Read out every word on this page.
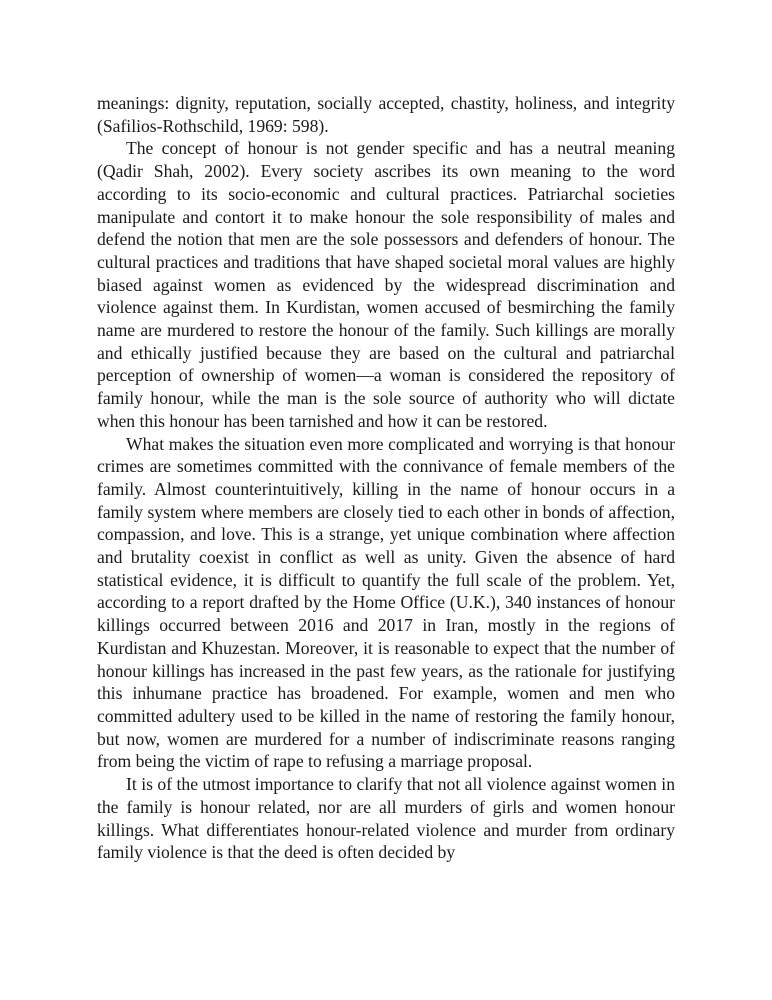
meanings: dignity, reputation, socially accepted, chastity, holiness, and integrity (Safilios-Rothschild, 1969: 598).

The concept of honour is not gender specific and has a neutral meaning (Qadir Shah, 2002). Every society ascribes its own meaning to the word according to its socio-economic and cultural practices. Patriarchal societies manipulate and contort it to make honour the sole responsibility of males and defend the notion that men are the sole possessors and defenders of honour. The cultural practices and traditions that have shaped societal moral values are highly biased against women as evidenced by the widespread discrimination and violence against them. In Kurdistan, women accused of besmirching the family name are murdered to restore the honour of the family. Such killings are morally and ethically justified because they are based on the cultural and patriarchal perception of ownership of women—a woman is considered the repository of family honour, while the man is the sole source of authority who will dictate when this honour has been tarnished and how it can be restored.

What makes the situation even more complicated and worrying is that honour crimes are sometimes committed with the connivance of female members of the family. Almost counterintuitively, killing in the name of honour occurs in a family system where members are closely tied to each other in bonds of affection, compassion, and love. This is a strange, yet unique combination where affection and brutality coexist in conflict as well as unity. Given the absence of hard statistical evidence, it is difficult to quantify the full scale of the problem. Yet, according to a report drafted by the Home Office (U.K.), 340 instances of honour killings occurred between 2016 and 2017 in Iran, mostly in the regions of Kurdistan and Khuzestan. Moreover, it is reasonable to expect that the number of honour killings has increased in the past few years, as the rationale for justifying this inhumane practice has broadened. For example, women and men who committed adultery used to be killed in the name of restoring the family honour, but now, women are murdered for a number of indiscriminate reasons ranging from being the victim of rape to refusing a marriage proposal.

It is of the utmost importance to clarify that not all violence against women in the family is honour related, nor are all murders of girls and women honour killings. What differentiates honour-related violence and murder from ordinary family violence is that the deed is often decided by
